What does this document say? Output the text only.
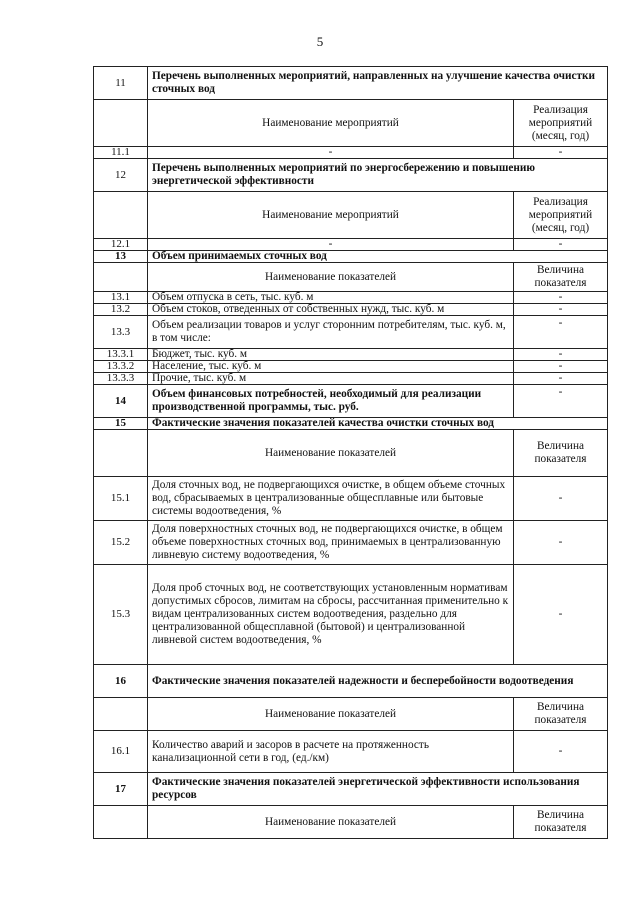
5
11	Перечень выполненных мероприятий, направленных на улучшение качества очистки сточных вод	
	Наименование мероприятий	Реализация мероприятий (месяц, год)
11.1	-	-
12	Перечень выполненных мероприятий по энергосбережению и повышению энергетической эффективности	
	Наименование мероприятий	Реализация мероприятий (месяц, год)
12.1	-	-
13	Объем принимаемых сточных вод	
	Наименование показателей	Величина показателя
13.1	Объем отпуска в сеть, тыс. куб. м	-
13.2	Объем стоков, отведенных от собственных нужд, тыс. куб. м	-
13.3	Объем реализации товаров и услуг сторонним потребителям, тыс. куб. м, в том числе:	-
13.3.1	Бюджет, тыс. куб. м	-
13.3.2	Население, тыс. куб. м	-
13.3.3	Прочие, тыс. куб. м	-
14	Объем финансовых потребностей, необходимый для реализации производственной программы, тыс. руб.	-
15	Фактические значения показателей качества очистки сточных вод	
	Наименование показателей	Величина показателя
15.1	Доля сточных вод, не подвергающихся очистке, в общем объеме сточных вод, сбрасываемых в централизованные общесплавные или бытовые системы водоотведения, %	-
15.2	Доля поверхностных сточных вод, не подвергающихся очистке, в общем объеме поверхностных сточных вод, принимаемых в централизованную ливневую систему водоотведения, %	-
15.3	Доля проб сточных вод, не соответствующих установленным нормативам допустимых сбросов, лимитам на сбросы, рассчитанная применительно к видам централизованных систем водоотведения, раздельно для централизованной общесплавной (бытовой) и централизованной ливневой систем водоотведения, %	-
16	Фактические значения показателей надежности и бесперебойности водоотведения	
	Наименование показателей	Величина показателя
16.1	Количество аварий и засоров в расчете на протяженность канализационной сети в год, (ед./км)	-
17	Фактические значения показателей энергетической эффективности использования ресурсов	
	Наименование показателей	Величина показателя
